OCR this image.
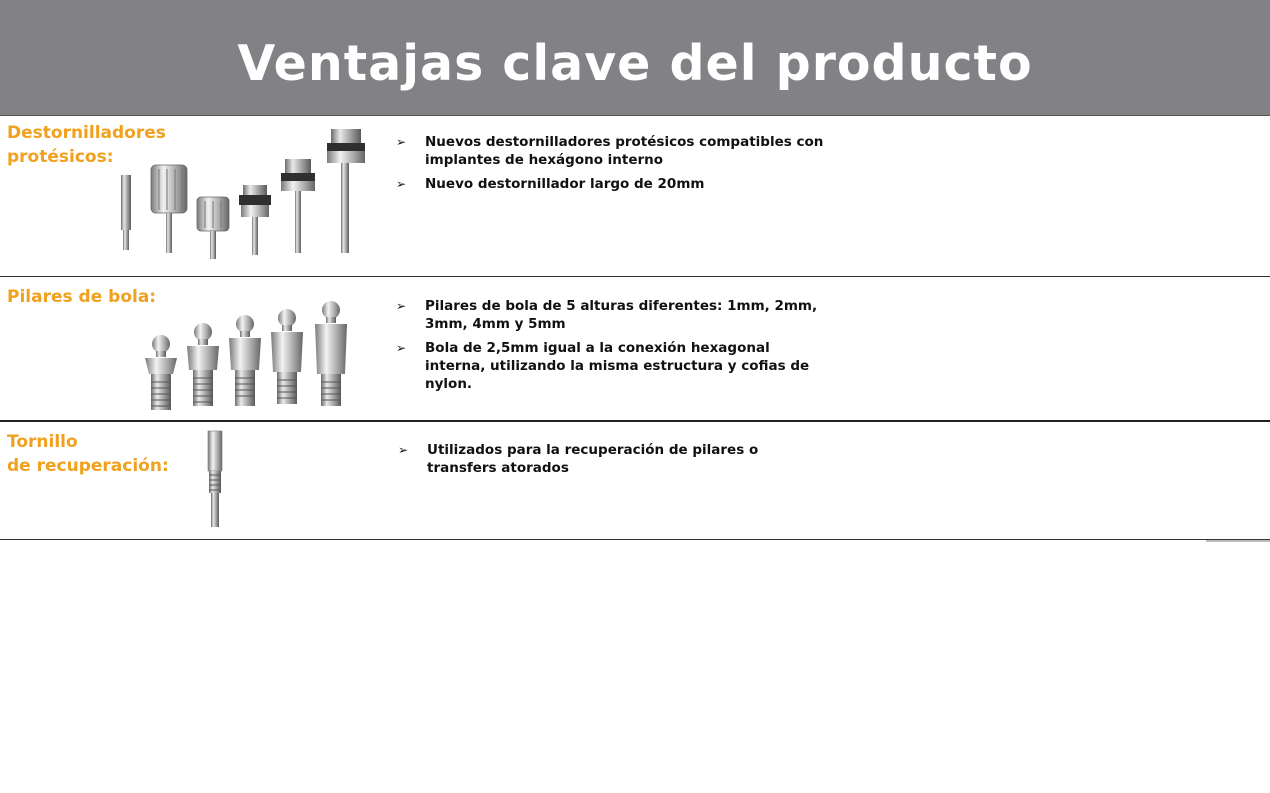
Ventajas clave del producto
Destornilladores
protésicos:
➢ Nuevos destornilladores protésicos compatibles con implantes de hexágono interno
➢ Nuevo destornillador largo de 20mm
Pilares de bola:	➢ Pilares de bola de 5 alturas diferentes: 1mm, 2mm, 3mm, 4mm y 5mm
➢ Bola de 2,5mm igual a la conexión hexagonal interna, utilizando la misma estructura y cofias de nylon.
Tornillo
de recuperación:
➢ Utilizados para la recuperación de pilares o transfers atorados
